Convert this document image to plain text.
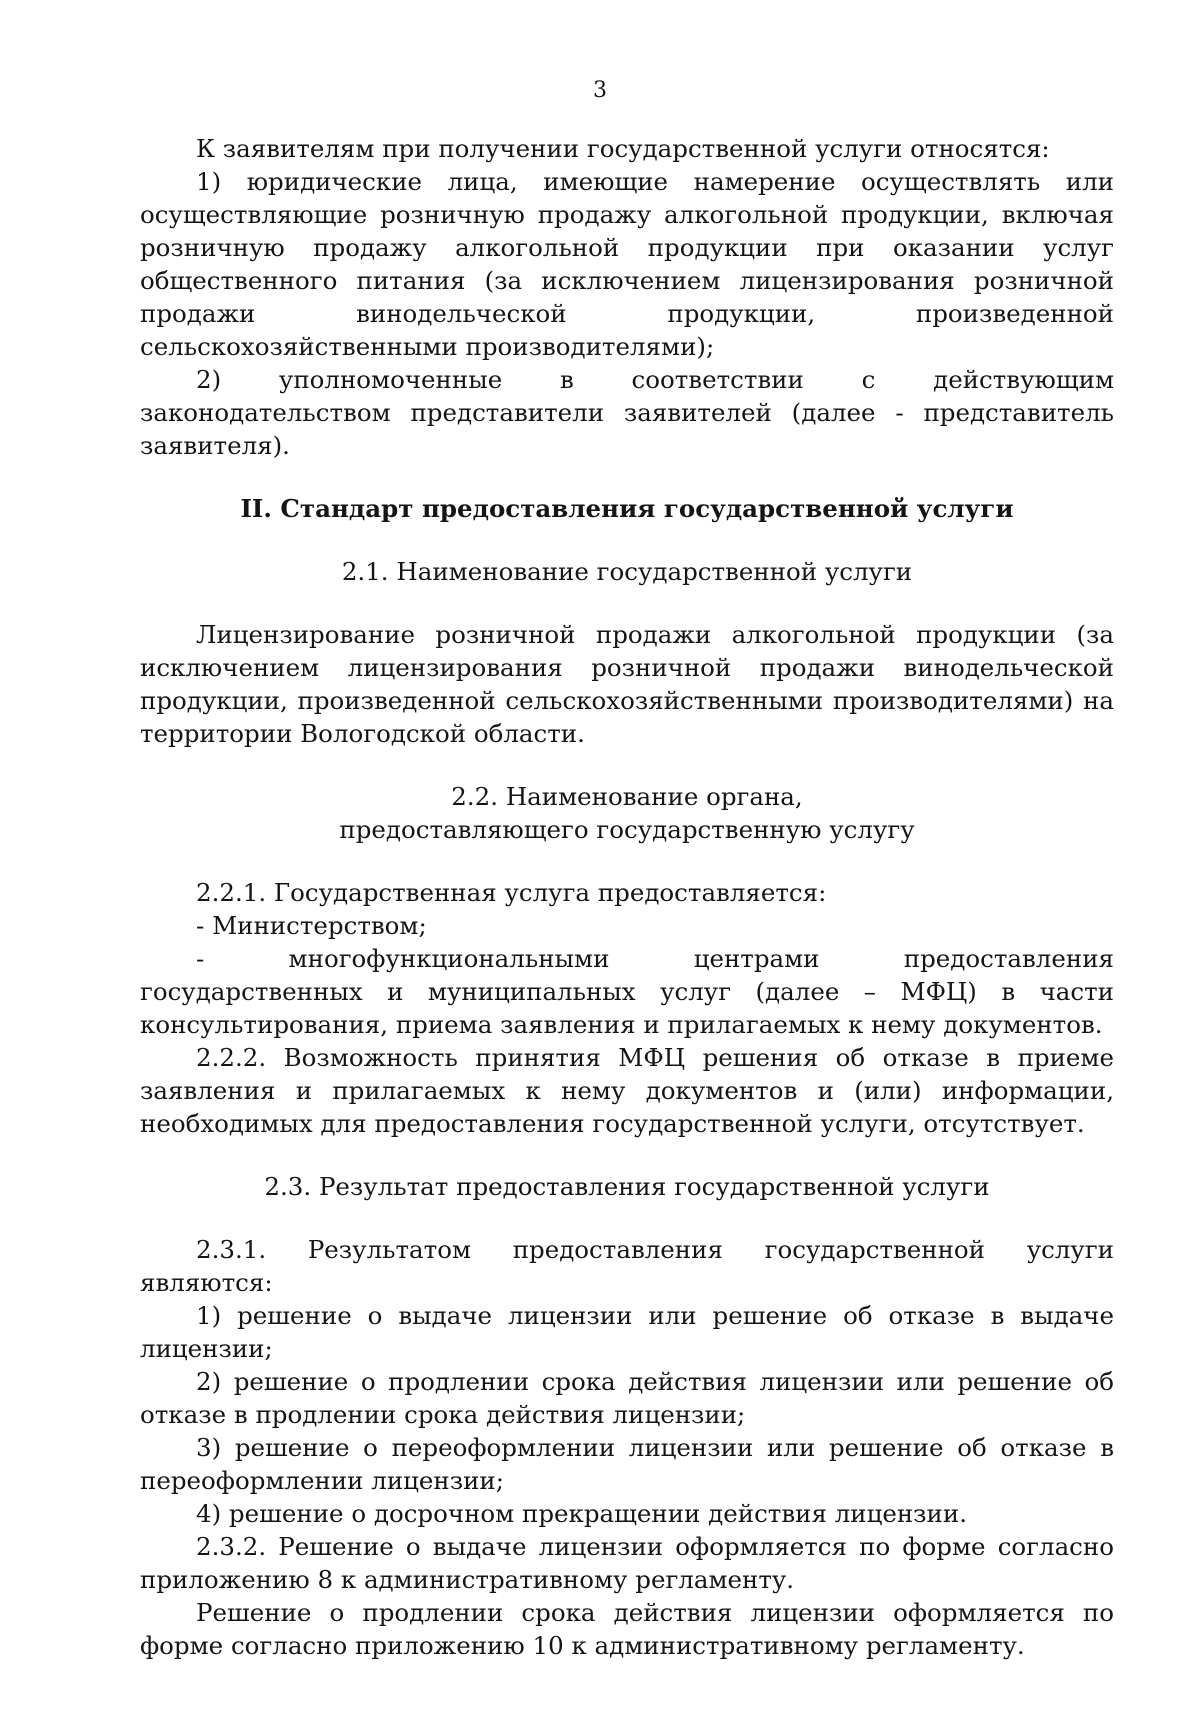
3

К заявителям при получении государственной услуги относятся:

1) юридические лица, имеющие намерение осуществлять или осуществляющие розничную продажу алкогольной продукции, включая розничную продажу алкогольной продукции при оказании услуг общественного питания (за исключением лицензирования розничной продажи винодельческой продукции, произведенной сельскохозяйственными производителями);

2) уполномоченные в соответствии с действующим законодательством представители заявителей (далее - представитель заявителя).

II. Стандарт предоставления государственной услуги

2.1. Наименование государственной услуги

Лицензирование розничной продажи алкогольной продукции (за исключением лицензирования розничной продажи винодельческой продукции, произведенной сельскохозяйственными производителями) на территории Вологодской области.

2.2. Наименование органа,
предоставляющего государственную услугу

2.2.1. Государственная услуга предоставляется:

- Министерством;

- многофункциональными центрами предоставления государственных и муниципальных услуг (далее – МФЦ) в части консультирования, приема заявления и прилагаемых к нему документов.

2.2.2. Возможность принятия МФЦ решения об отказе в приеме заявления и прилагаемых к нему документов и (или) информации, необходимых для предоставления государственной услуги, отсутствует.

2.3. Результат предоставления государственной услуги

2.3.1. Результатом предоставления государственной услуги являются:

1) решение о выдаче лицензии или решение об отказе в выдаче лицензии;

2) решение о продлении срока действия лицензии или решение об отказе в продлении срока действия лицензии;

3) решение о переоформлении лицензии или решение об отказе в переоформлении лицензии;

4) решение о досрочном прекращении действия лицензии.

2.3.2. Решение о выдаче лицензии оформляется по форме согласно приложению 8 к административному регламенту.

Решение о продлении срока действия лицензии оформляется по форме согласно приложению 10 к административному регламенту.
